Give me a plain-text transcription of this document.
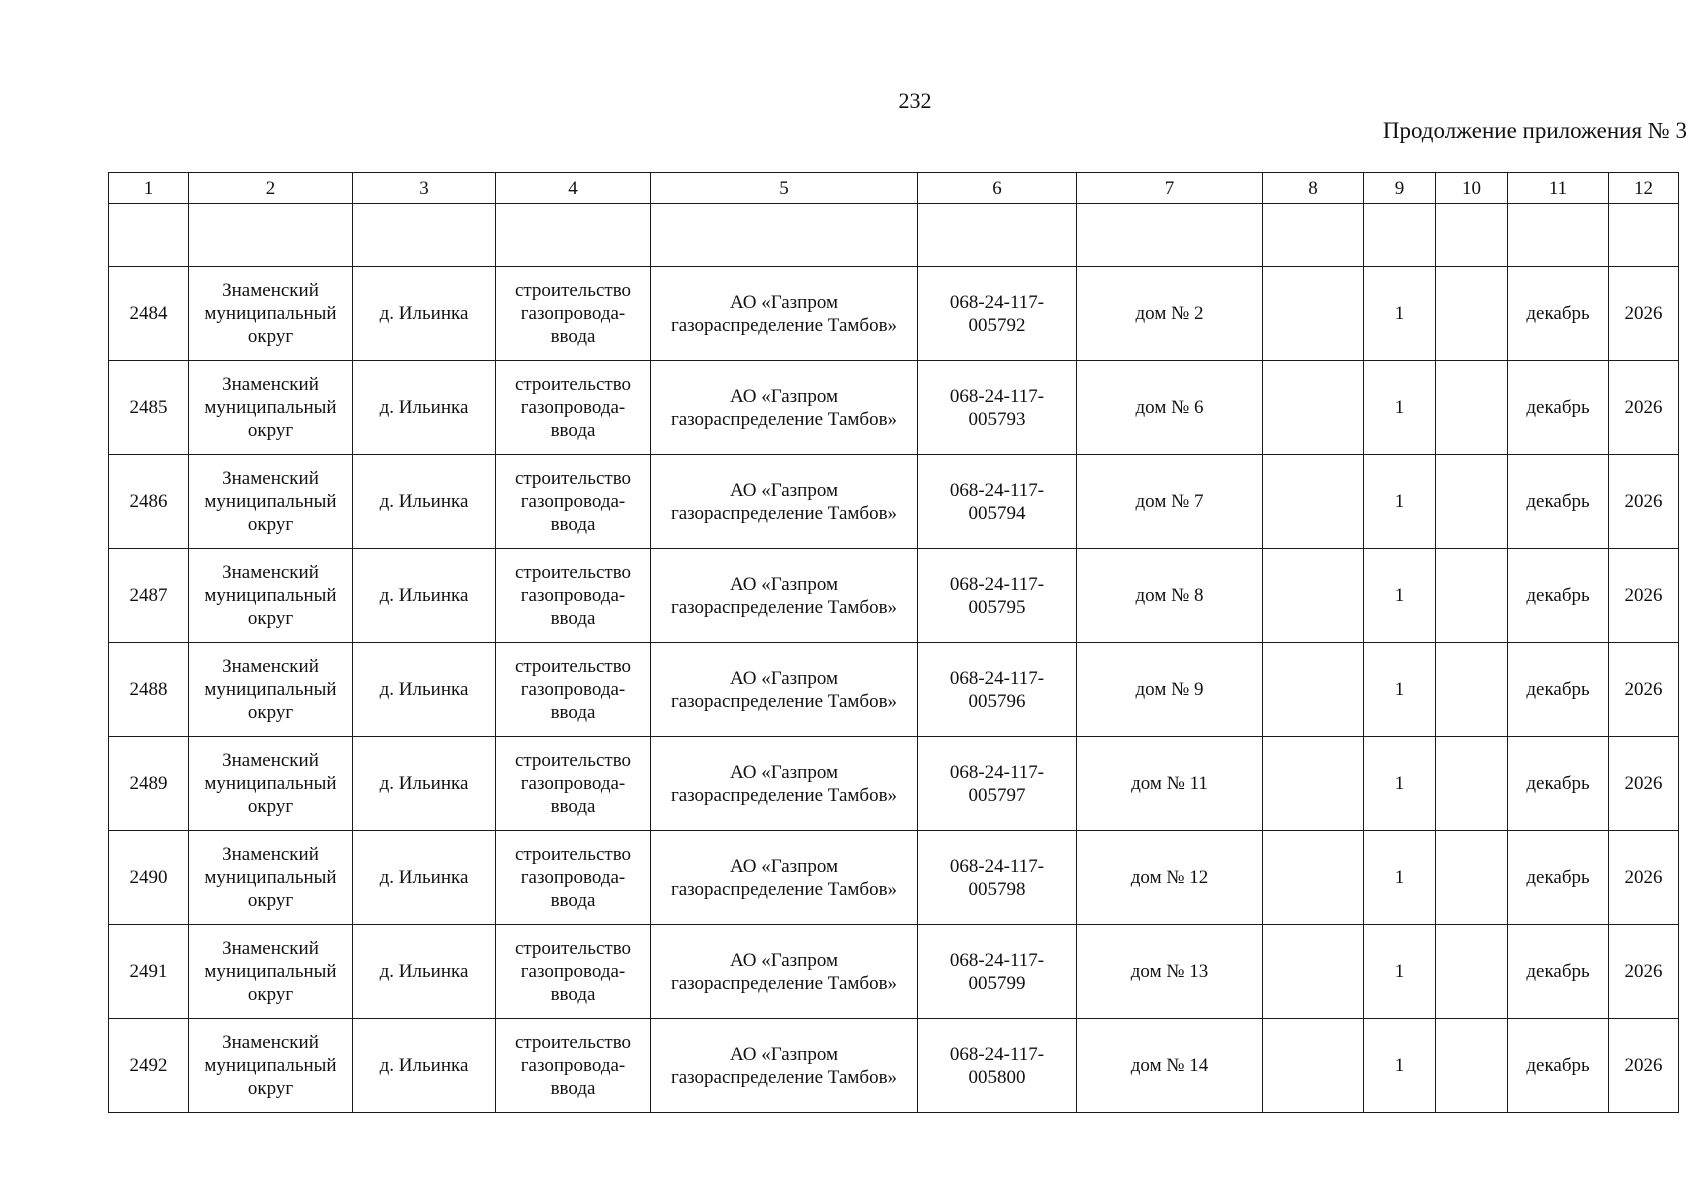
232
Продолжение приложения № 3
1	2	3	4	5	6	7	8	9	10	11	12

2484	Знаменский
муниципальный
округ	д. Ильинка	строительство
газопровода-
ввода	АО «Газпром
газораспределение Тамбов»	068-24-117-
005792	дом № 2		1		декабрь	2026
2485	Знаменский
муниципальный
округ	д. Ильинка	строительство
газопровода-
ввода	АО «Газпром
газораспределение Тамбов»	068-24-117-
005793	дом № 6		1		декабрь	2026
2486	Знаменский
муниципальный
округ	д. Ильинка	строительство
газопровода-
ввода	АО «Газпром
газораспределение Тамбов»	068-24-117-
005794	дом № 7		1		декабрь	2026
2487	Знаменский
муниципальный
округ	д. Ильинка	строительство
газопровода-
ввода	АО «Газпром
газораспределение Тамбов»	068-24-117-
005795	дом № 8		1		декабрь	2026
2488	Знаменский
муниципальный
округ	д. Ильинка	строительство
газопровода-
ввода	АО «Газпром
газораспределение Тамбов»	068-24-117-
005796	дом № 9		1		декабрь	2026
2489	Знаменский
муниципальный
округ	д. Ильинка	строительство
газопровода-
ввода	АО «Газпром
газораспределение Тамбов»	068-24-117-
005797	дом № 11		1		декабрь	2026
2490	Знаменский
муниципальный
округ	д. Ильинка	строительство
газопровода-
ввода	АО «Газпром
газораспределение Тамбов»	068-24-117-
005798	дом № 12		1		декабрь	2026
2491	Знаменский
муниципальный
округ	д. Ильинка	строительство
газопровода-
ввода	АО «Газпром
газораспределение Тамбов»	068-24-117-
005799	дом № 13		1		декабрь	2026
2492	Знаменский
муниципальный
округ	д. Ильинка	строительство
газопровода-
ввода	АО «Газпром
газораспределение Тамбов»	068-24-117-
005800	дом № 14		1		декабрь	2026
